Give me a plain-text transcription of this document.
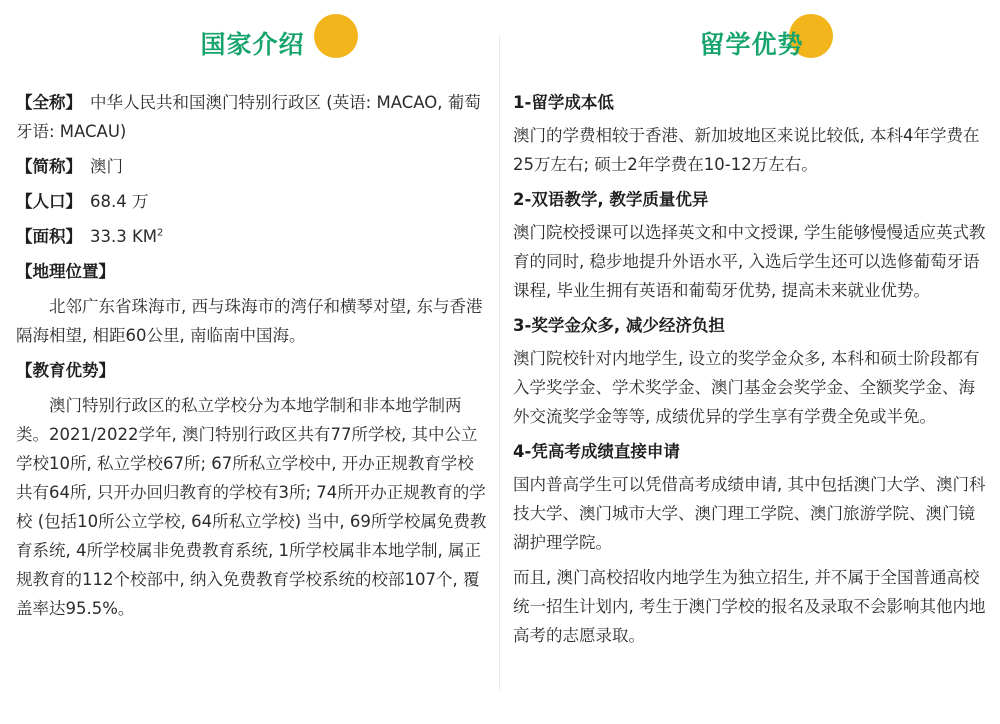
国家介绍
【全称】 中华人民共和国澳门特别行政区 (英语: MACAO, 葡萄牙语: MACAU)
【简称】 澳门
【人口】 68.4 万
【面积】 33.3 $KM^2$
【地理位置】

北邻广东省珠海市, 西与珠海市的湾仔和横琴对望, 东与香港隔海相望, 相距60公里, 南临南中国海。

【教育优势】

澳门特别行政区的私立学校分为本地学制和非本地学制两类。2021/2022学年, 澳门特别行政区共有77所学校, 其中公立学校10所, 私立学校67所; 67所私立学校中, 开办正规教育学校共有64所, 只开办回归教育的学校有3所; 74所开办正规教育的学校 (包括10所公立学校, 64所私立学校) 当中, 69所学校属免费教育系统, 4所学校属非免费教育系统, 1所学校属非本地学制, 属正规教育的112个校部中, 纳入免费教育学校系统的校部107个, 覆盖率达95.5%。

留学优势
1-留学成本低

澳门的学费相较于香港、新加坡地区来说比较低, 本科4年学费在25万左右; 硕士2年学费在10-12万左右。

2-双语教学, 教学质量优异

澳门院校授课可以选择英文和中文授课, 学生能够慢慢适应英式教育的同时, 稳步地提升外语水平, 入选后学生还可以选修葡萄牙语课程, 毕业生拥有英语和葡萄牙优势, 提高未来就业优势。

3-奖学金众多, 减少经济负担

澳门院校针对内地学生, 设立的奖学金众多, 本科和硕士阶段都有入学奖学金、学术奖学金、澳门基金会奖学金、全额奖学金、海外交流奖学金等等, 成绩优异的学生享有学费全免或半免。

4-凭高考成绩直接申请

国内普高学生可以凭借高考成绩申请, 其中包括澳门大学、澳门科技大学、澳门城市大学、澳门理工学院、澳门旅游学院、澳门镜湖护理学院。

而且, 澳门高校招收内地学生为独立招生, 并不属于全国普通高校统一招生计划内, 考生于澳门学校的报名及录取不会影响其他内地高考的志愿录取。
